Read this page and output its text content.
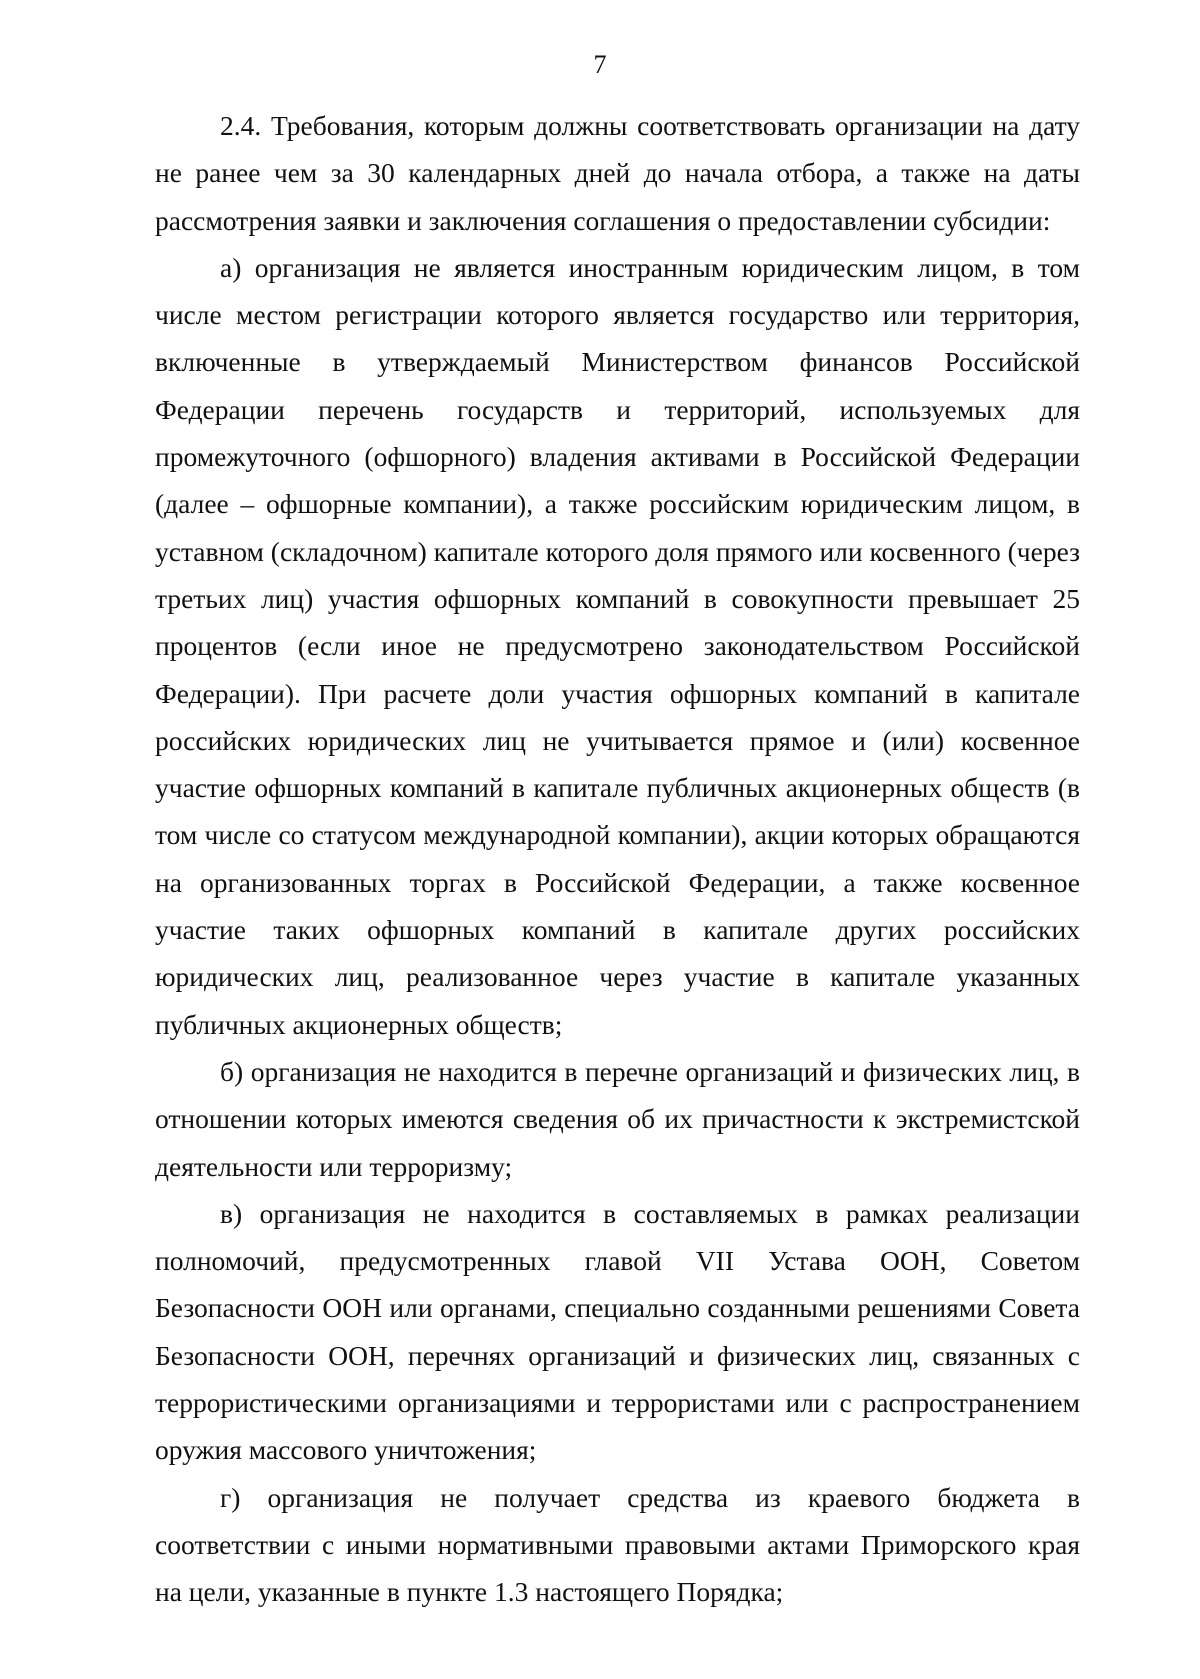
7

2.4. Требования, которым должны соответствовать организации на дату не ранее чем за 30 календарных дней до начала отбора, а также на даты рассмотрения заявки и заключения соглашения о предоставлении субсидии:

а) организация не является иностранным юридическим лицом, в том числе местом регистрации которого является государство или территория, включенные в утверждаемый Министерством финансов Российской Федерации перечень государств и территорий, используемых для промежуточного (офшорного) владения активами в Российской Федерации (далее – офшорные компании), а также российским юридическим лицом, в уставном (складочном) капитале которого доля прямого или косвенного (через третьих лиц) участия офшорных компаний в совокупности превышает 25 процентов (если иное не предусмотрено законодательством Российской Федерации). При расчете доли участия офшорных компаний в капитале российских юридических лиц не учитывается прямое и (или) косвенное участие офшорных компаний в капитале публичных акционерных обществ (в том числе со статусом международной компании), акции которых обращаются на организованных торгах в Российской Федерации, а также косвенное участие таких офшорных компаний в капитале других российских юридических лиц, реализованное через участие в капитале указанных публичных акционерных обществ;

б) организация не находится в перечне организаций и физических лиц, в отношении которых имеются сведения об их причастности к экстремистской деятельности или терроризму;

в) организация не находится в составляемых в рамках реализации полномочий, предусмотренных главой VII Устава ООН, Советом Безопасности ООН или органами, специально созданными решениями Совета Безопасности ООН, перечнях организаций и физических лиц, связанных с террористическими организациями и террористами или с распространением оружия массового уничтожения;

г) организация не получает средства из краевого бюджета в соответствии с иными нормативными правовыми актами Приморского края на цели, указанные в пункте 1.3 настоящего Порядка;
